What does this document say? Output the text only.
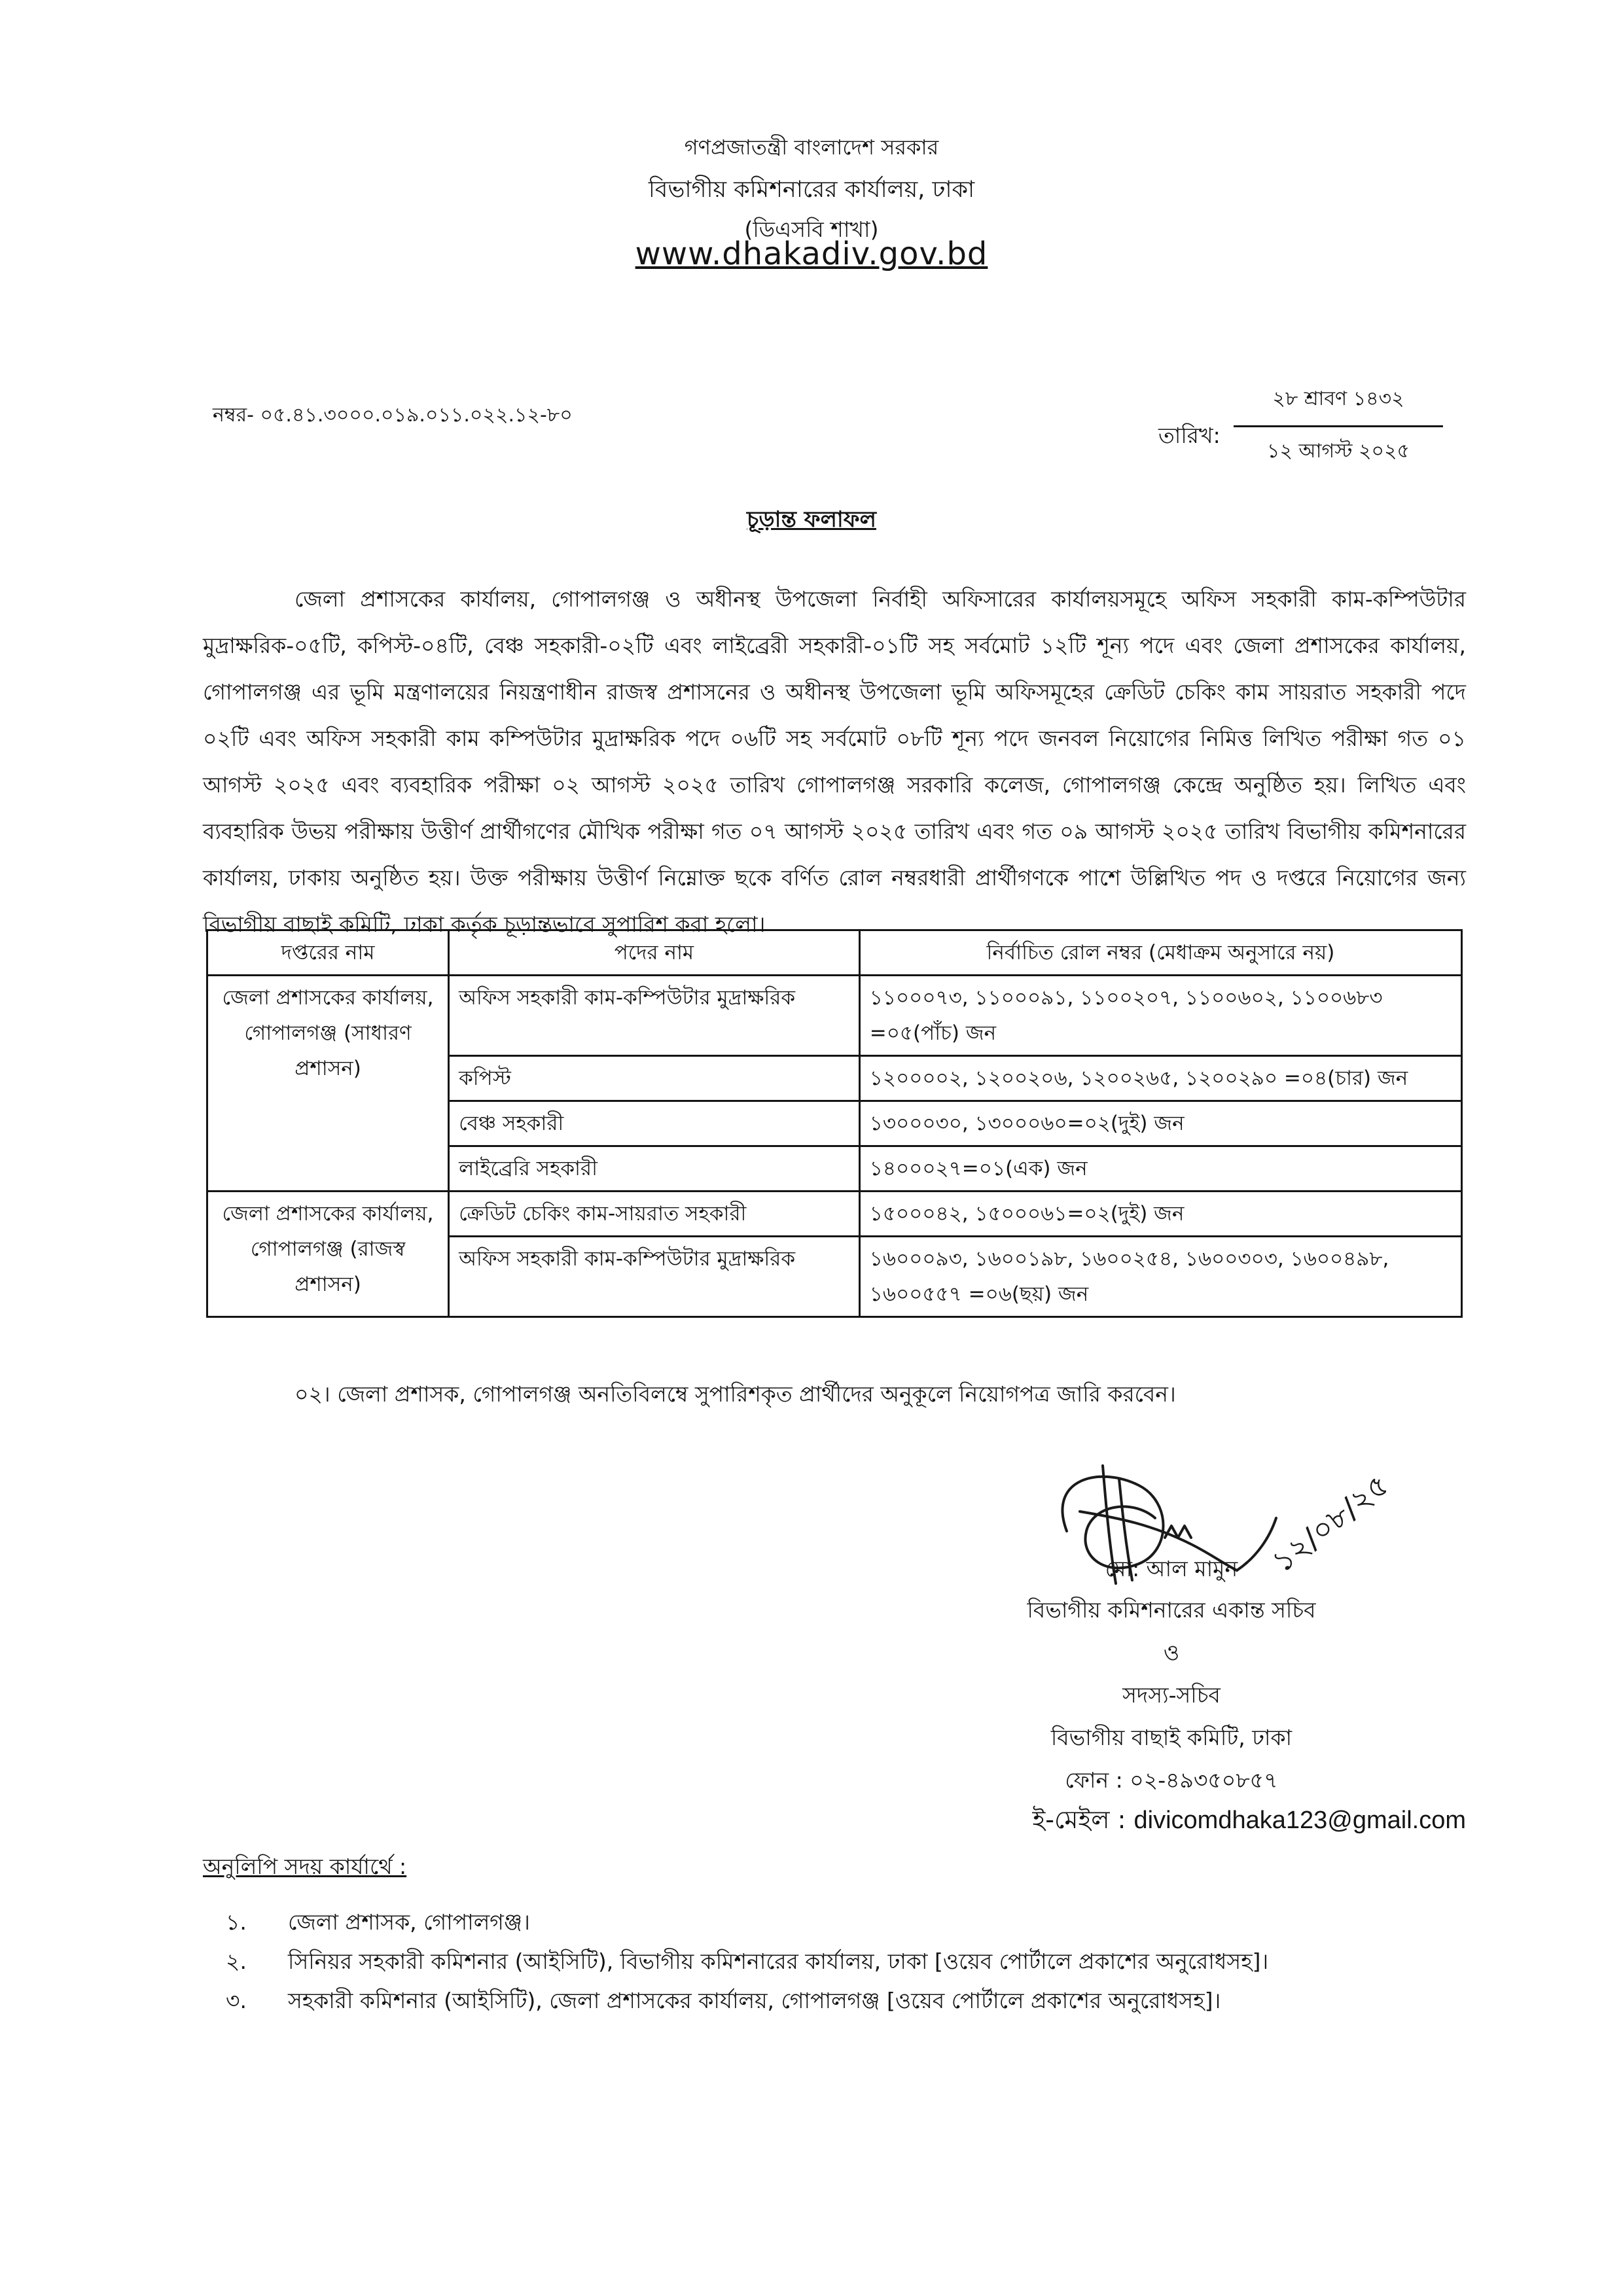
গণপ্রজাতন্ত্রী বাংলাদেশ সরকার
বিভাগীয় কমিশনারের কার্যালয়, ঢাকা
(ডিএসবি শাখা)
www.dhakadiv.gov.bd
নম্বর- ০৫.৪১.৩০০০.০১৯.০১১.০২২.১২-৮০
তারিখ:
২৮ শ্রাবণ ১৪৩২
১২ আগস্ট ২০২৫
চূড়ান্ত ফলাফল
জেলা প্রশাসকের কার্যালয়, গোপালগঞ্জ ও অধীনস্থ উপজেলা নির্বাহী অফিসারের কার্যালয়সমূহে অফিস সহকারী কাম-কম্পিউটার মুদ্রাক্ষরিক-০৫টি, কপিস্ট-০৪টি, বেঞ্চ সহকারী-০২টি এবং লাইব্রেরী সহকারী-০১টি সহ সর্বমোট ১২টি শূন্য পদে এবং জেলা প্রশাসকের কার্যালয়, গোপালগঞ্জ এর ভূমি মন্ত্রণালয়ের নিয়ন্ত্রণাধীন রাজস্ব প্রশাসনের ও অধীনস্থ উপজেলা ভূমি অফিসমূহের ক্রেডিট চেকিং কাম সায়রাত সহকারী পদে ০২টি এবং অফিস সহকারী কাম কম্পিউটার মুদ্রাক্ষরিক পদে ০৬টি সহ সর্বমোট ০৮টি শূন্য পদে জনবল নিয়োগের নিমিত্ত লিখিত পরীক্ষা গত ০১ আগস্ট ২০২৫ এবং ব্যবহারিক পরীক্ষা ০২ আগস্ট ২০২৫ তারিখ গোপালগঞ্জ সরকারি কলেজ, গোপালগঞ্জ কেন্দ্রে অনুষ্ঠিত হয়। লিখিত এবং ব্যবহারিক উভয় পরীক্ষায় উত্তীর্ণ প্রার্থীগণের মৌখিক পরীক্ষা গত ০৭ আগস্ট ২০২৫ তারিখ এবং গত ০৯ আগস্ট ২০২৫ তারিখ বিভাগীয় কমিশনারের কার্যালয়, ঢাকায় অনুষ্ঠিত হয়। উক্ত পরীক্ষায় উত্তীর্ণ নিম্নোক্ত ছকে বর্ণিত রোল নম্বরধারী প্রার্থীগণকে পাশে উল্লিখিত পদ ও দপ্তরে নিয়োগের জন্য বিভাগীয় বাছাই কমিটি, ঢাকা কর্তৃক চূড়ান্তভাবে সুপারিশ করা হলো।
দপ্তরের নাম	পদের নাম	নির্বাচিত রোল নম্বর (মেধাক্রম অনুসারে নয়)
জেলা প্রশাসকের কার্যালয়, গোপালগঞ্জ (সাধারণ প্রশাসন)	অফিস সহকারী কাম-কম্পিউটার মুদ্রাক্ষরিক	১১০০০৭৩, ১১০০০৯১, ১১০০২০৭, ১১০০৬০২, ১১০০৬৮৩ =০৫(পাঁচ) জন
	কপিস্ট	১২০০০০২, ১২০০২০৬, ১২০০২৬৫, ১২০০২৯০ =০৪(চার) জন
	বেঞ্চ সহকারী	১৩০০০৩০, ১৩০০০৬০=০২(দুই) জন
	লাইব্রেরি সহকারী	১৪০০০২৭=০১(এক) জন
জেলা প্রশাসকের কার্যালয়, গোপালগঞ্জ (রাজস্ব প্রশাসন)	ক্রেডিট চেকিং কাম-সায়রাত সহকারী	১৫০০০৪২, ১৫০০০৬১=০২(দুই) জন
	অফিস সহকারী কাম-কম্পিউটার মুদ্রাক্ষরিক	১৬০০০৯৩, ১৬০০১৯৮, ১৬০০২৫৪, ১৬০০৩০৩, ১৬০০৪৯৮, ১৬০০৫৫৭ =০৬(ছয়) জন
০২। জেলা প্রশাসক, গোপালগঞ্জ অনতিবিলম্বে সুপারিশকৃত প্রার্থীদের অনুকূলে নিয়োগপত্র জারি করবেন।
১২/০৮/২৫
মো: আল মামুন
বিভাগীয় কমিশনারের একান্ত সচিব
ও
সদস্য-সচিব
বিভাগীয় বাছাই কমিটি, ঢাকা
ফোন : ০২-৪৯৩৫০৮৫৭
ই-মেইল : divicomdhaka123@gmail.com
অনুলিপি সদয় কার্যার্থে :
১. জেলা প্রশাসক, গোপালগঞ্জ।
২. সিনিয়র সহকারী কমিশনার (আইসিটি), বিভাগীয় কমিশনারের কার্যালয়, ঢাকা [ওয়েব পোর্টালে প্রকাশের অনুরোধসহ]।
৩. সহকারী কমিশনার (আইসিটি), জেলা প্রশাসকের কার্যালয়, গোপালগঞ্জ [ওয়েব পোর্টালে প্রকাশের অনুরোধসহ]।
